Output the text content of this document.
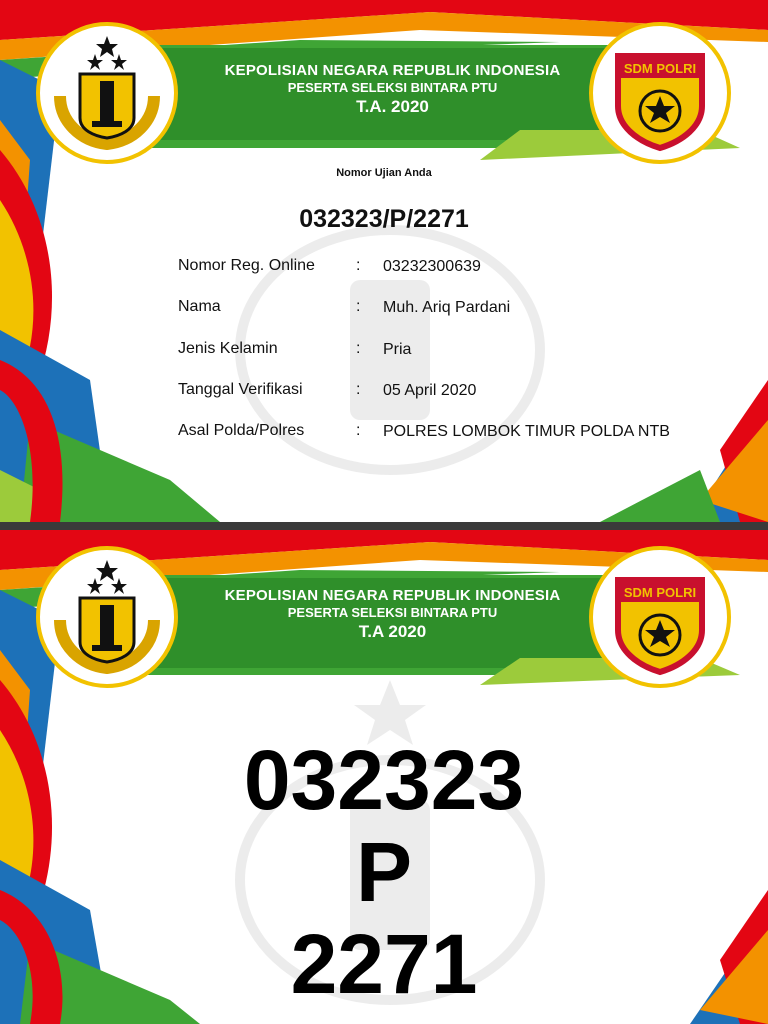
SDM POLRI
KEPOLISIAN NEGARA REPUBLIK INDONESIA
PESERTA SELEKSI BINTARA PTU
T.A. 2020
Nomor Ujian Anda
032323/P/2271
Nomor Reg. Online	: 03232300639
Nama	: Muh. Ariq Pardani
Jenis Kelamin	: Pria
Tanggal Verifikasi	: 05 April 2020
Asal Polda/Polres	: POLRES LOMBOK TIMUR POLDA NTB
SDM POLRI
KEPOLISIAN NEGARA REPUBLIK INDONESIA
PESERTA SELEKSI BINTARA PTU
T.A 2020
032323
P
2271
